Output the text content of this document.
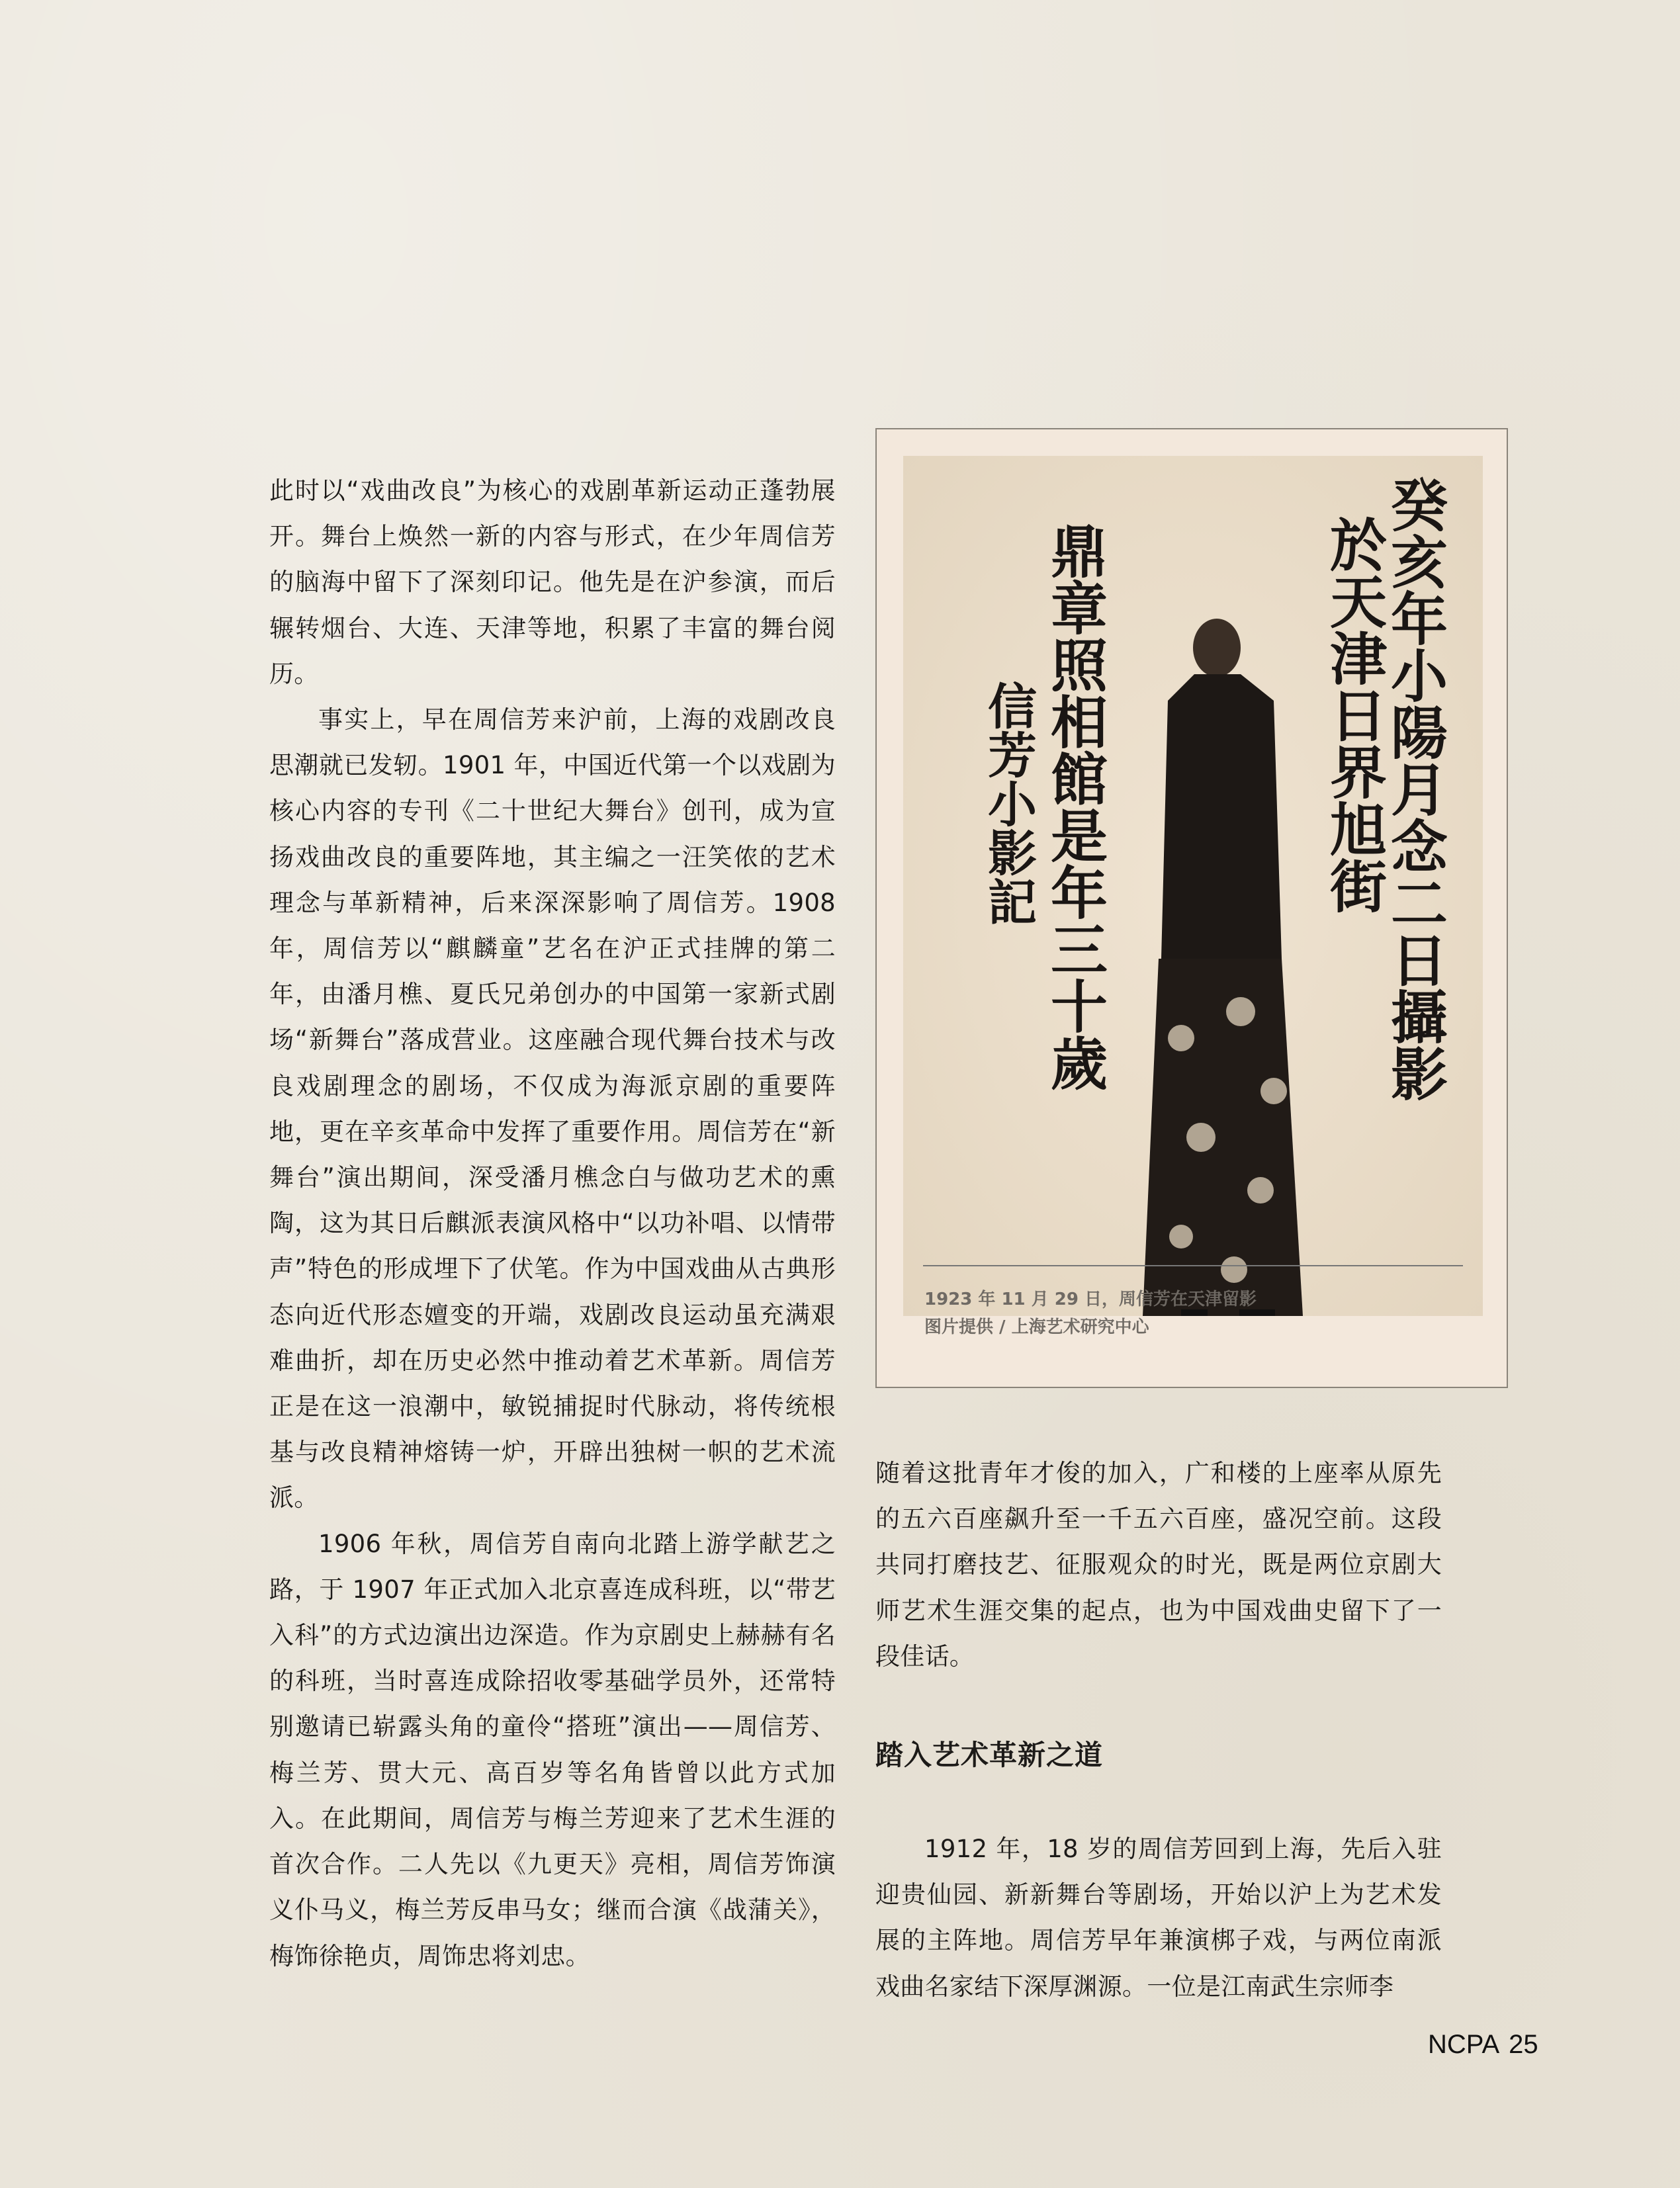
此时以“戏曲改良”为核心的戏剧革新运动正蓬勃展开。舞台上焕然一新的内容与形式，在少年周信芳的脑海中留下了深刻印记。他先是在沪参演，而后辗转烟台、大连、天津等地，积累了丰富的舞台阅历。

事实上，早在周信芳来沪前，上海的戏剧改良思潮就已发轫。1901 年，中国近代第一个以戏剧为核心内容的专刊《二十世纪大舞台》创刊，成为宣扬戏曲改良的重要阵地，其主编之一汪笑侬的艺术理念与革新精神，后来深深影响了周信芳。1908 年，周信芳以“麒麟童”艺名在沪正式挂牌的第二年，由潘月樵、夏氏兄弟创办的中国第一家新式剧场“新舞台”落成营业。这座融合现代舞台技术与改良戏剧理念的剧场，不仅成为海派京剧的重要阵地，更在辛亥革命中发挥了重要作用。周信芳在“新舞台”演出期间，深受潘月樵念白与做功艺术的熏陶，这为其日后麒派表演风格中“以功补唱、以情带声”特色的形成埋下了伏笔。作为中国戏曲从古典形态向近代形态嬗变的开端，戏剧改良运动虽充满艰难曲折，却在历史必然中推动着艺术革新。周信芳正是在这一浪潮中，敏锐捕捉时代脉动，将传统根基与改良精神熔铸一炉，开辟出独树一帜的艺术流派。

1906 年秋，周信芳自南向北踏上游学献艺之路，于 1907 年正式加入北京喜连成科班，以“带艺入科”的方式边演出边深造。作为京剧史上赫赫有名的科班，当时喜连成除招收零基础学员外，还常特别邀请已崭露头角的童伶“搭班”演出——周信芳、梅兰芳、贯大元、高百岁等名角皆曾以此方式加入。在此期间，周信芳与梅兰芳迎来了艺术生涯的首次合作。二人先以《九更天》亮相，周信芳饰演义仆马义，梅兰芳反串马女；继而合演《战蒲关》，梅饰徐艳贞，周饰忠将刘忠。

癸亥年小陽月念二日攝影
於天津日界旭街
鼎章照相館是年三十歲
信芳小影記
1923 年 11 月 29 日，周信芳在天津留影
图片提供 / 上海艺术研究中心

随着这批青年才俊的加入，广和楼的上座率从原先的五六百座飙升至一千五六百座，盛况空前。这段共同打磨技艺、征服观众的时光，既是两位京剧大师艺术生涯交集的起点，也为中国戏曲史留下了一段佳话。

踏入艺术革新之道

1912 年，18 岁的周信芳回到上海，先后入驻迎贵仙园、新新舞台等剧场，开始以沪上为艺术发展的主阵地。周信芳早年兼演梆子戏，与两位南派戏曲名家结下深厚渊源。一位是江南武生宗师李

NCPA 25
